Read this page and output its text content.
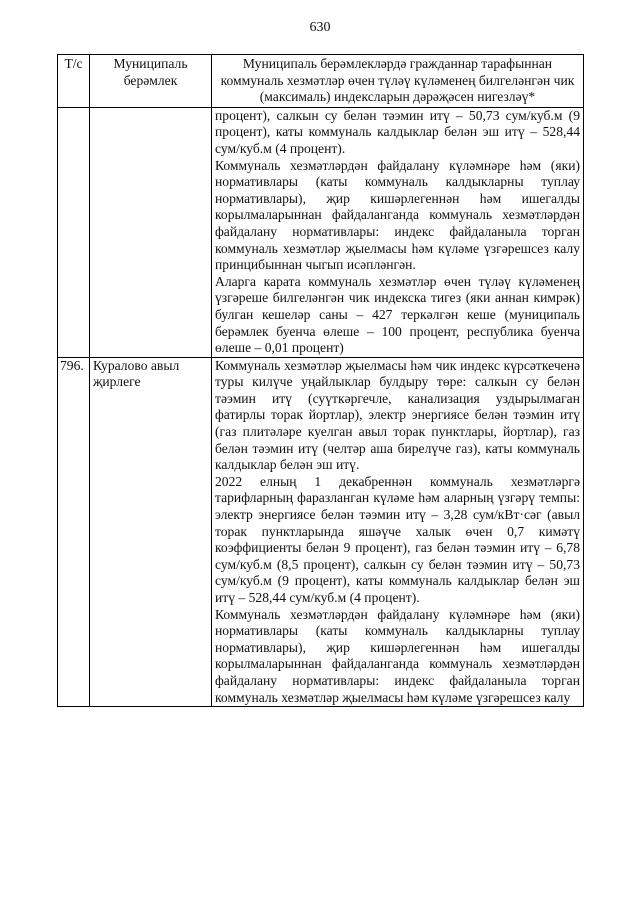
630
Т/с	Муниципаль берәмлек	Муниципаль берәмлекләрдә гражданнар тарафыннан коммуналь хезмәтләр өчен түләү күләменең билгеләнгән чик (максималь) индексларын дәрәҗәсен нигезләү*

		процент), салкын су белән тәэмин итү – 50,73 сум/куб.м (9 процент), каты коммуналь калдыклар белән эш итү – 528,44 сум/куб.м (4 процент).

Коммуналь хезмәтләрдән файдалану күләмнәре һәм (яки) нормативлары (каты коммуналь калдыкларны туплау нормативлары), җир кишәрлегеннән һәм ишегалды корылмаларыннан файдаланганда коммуналь хезмәтләрдән файдалану нормативлары: индекс файдаланыла торган коммуналь хезмәтләр җыелмасы һәм күләме үзгәрешсез калу принцибыннан чыгып исәпләнгән.

Аларга карата коммуналь хезмәтләр өчен түләү күләменең үзгәреше билгеләнгән чик индекска тигез (яки аннан кимрәк) булган кешеләр саны – 427 теркәлгән кеше (муниципаль берәмлек буенча өлеше – 100 процент, республика буенча өлеше – 0,01 процент)

796.	Куралово авыл җирлеге	Коммуналь хезмәтләр җыелмасы һәм чик индекс күрсәткеченә туры килүче уңайлыклар булдыру төре: салкын су белән тәэмин итү (суүткәргечле, канализация уздырылмаган фатирлы торак йортлар), электр энергиясе белән тәэмин итү (газ плитәләре куелган авыл торак пунктлары, йортлар), газ белән тәэмин итү (челтәр аша бирелүче газ), каты коммуналь калдыклар белән эш итү.

2022 елның 1 декабреннән коммуналь хезмәтләргә тарифларның фаразланган күләме һәм аларның үзгәрү темпы: электр энергиясе белән тәэмин итү – 3,28 сум/кВт·сәг (авыл торак пунктларында яшәүче халык өчен 0,7 кимәтү коэффициенты белән 9 процент), газ белән тәэмин итү – 6,78 сум/куб.м (8,5 процент), салкын су белән тәэмин итү – 50,73 сум/куб.м (9 процент), каты коммуналь калдыклар белән эш итү – 528,44 сум/куб.м (4 процент).

Коммуналь хезмәтләрдән файдалану күләмнәре һәм (яки) нормативлары (каты коммуналь калдыкларны туплау нормативлары), җир кишәрлегеннән һәм ишегалды корылмаларыннан файдаланганда коммуналь хезмәтләрдән файдалану нормативлары: индекс файдаланыла торган коммуналь хезмәтләр җыелмасы һәм күләме үзгәрешсез калу
